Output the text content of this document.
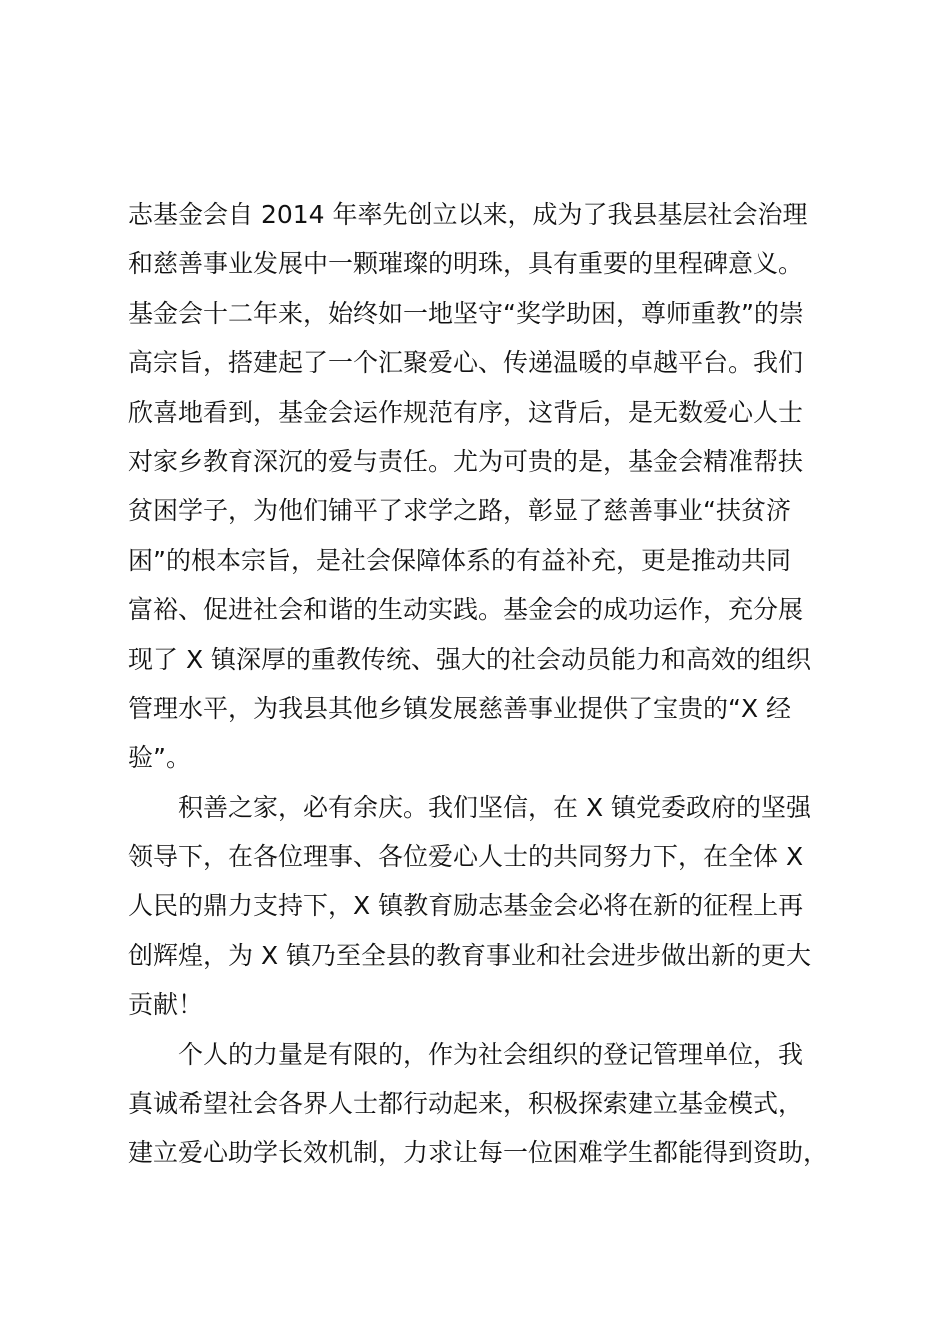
志基金会自 2014 年率先创立以来，成为了我县基层社会治理
和慈善事业发展中一颗璀璨的明珠，具有重要的里程碑意义。
基金会十二年来，始终如一地坚守“奖学助困，尊师重教”的崇
高宗旨，搭建起了一个汇聚爱心、传递温暖的卓越平台。我们
欣喜地看到，基金会运作规范有序，这背后，是无数爱心人士
对家乡教育深沉的爱与责任。尤为可贵的是，基金会精准帮扶
贫困学子，为他们铺平了求学之路，彰显了慈善事业“扶贫济
困”的根本宗旨，是社会保障体系的有益补充，更是推动共同
富裕、促进社会和谐的生动实践。基金会的成功运作，充分展
现了 X 镇深厚的重教传统、强大的社会动员能力和高效的组织
管理水平，为我县其他乡镇发展慈善事业提供了宝贵的“X 经
验”。
积善之家，必有余庆。我们坚信，在 X 镇党委政府的坚强
领导下，在各位理事、各位爱心人士的共同努力下，在全体 X
人民的鼎力支持下，X 镇教育励志基金会必将在新的征程上再
创辉煌，为 X 镇乃至全县的教育事业和社会进步做出新的更大
贡献！
个人的力量是有限的，作为社会组织的登记管理单位，我
真诚希望社会各界人士都行动起来，积极探索建立基金模式，
建立爱心助学长效机制，力求让每一位困难学生都能得到资助，
